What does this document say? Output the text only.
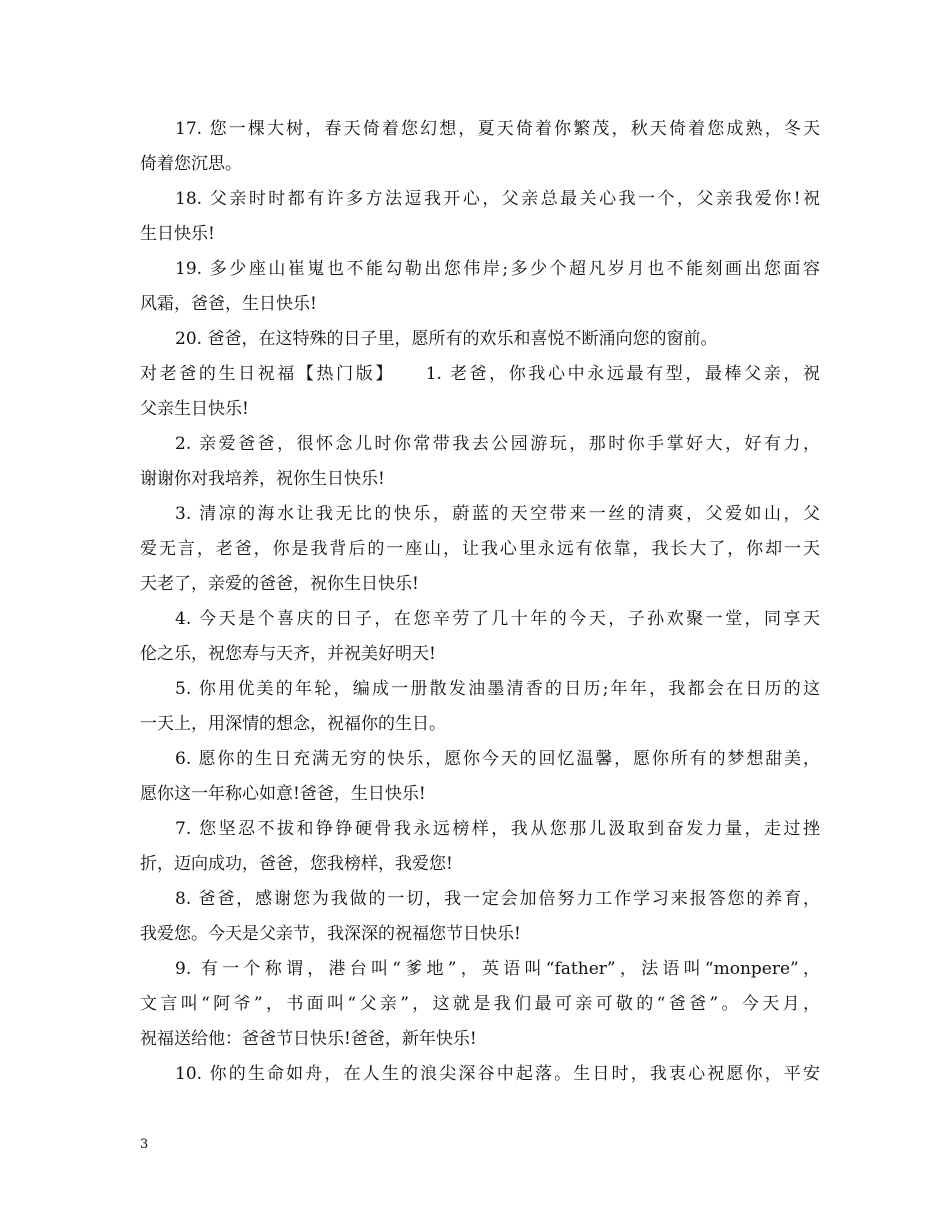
17. 您一棵大树，春天倚着您幻想，夏天倚着你繁茂，秋天倚着您成熟，冬天
倚着您沉思。
18. 父亲时时都有许多方法逗我开心，父亲总最关心我一个，父亲我爱你!祝
生日快乐!
19. 多少座山崔嵬也不能勾勒出您伟岸;多少个超凡岁月也不能刻画出您面容
风霜，爸爸，生日快乐!
20. 爸爸，在这特殊的日子里，愿所有的欢乐和喜悦不断涌向您的窗前。
对老爸的生日祝福【热门版】　　1. 老爸，你我心中永远最有型，最棒父亲，祝
父亲生日快乐!
2. 亲爱爸爸，很怀念儿时你常带我去公园游玩，那时你手掌好大，好有力，
谢谢你对我培养，祝你生日快乐!
3. 清凉的海水让我无比的快乐，蔚蓝的天空带来一丝的清爽，父爱如山，父
爱无言，老爸，你是我背后的一座山，让我心里永远有依靠，我长大了，你却一天
天老了，亲爱的爸爸，祝你生日快乐!
4. 今天是个喜庆的日子，在您辛劳了几十年的今天，子孙欢聚一堂，同享天
伦之乐，祝您寿与天齐，并祝美好明天!
5. 你用优美的年轮，编成一册散发油墨清香的日历;年年，我都会在日历的这
一天上，用深情的想念，祝福你的生日。
6. 愿你的生日充满无穷的快乐，愿你今天的回忆温馨，愿你所有的梦想甜美，
愿你这一年称心如意!爸爸，生日快乐!
7. 您坚忍不拔和铮铮硬骨我永远榜样，我从您那儿汲取到奋发力量，走过挫
折，迈向成功，爸爸，您我榜样，我爱您!
8. 爸爸，感谢您为我做的一切，我一定会加倍努力工作学习来报答您的养育，
我爱您。今天是父亲节，我深深的祝福您节日快乐!
9. 有一个称谓，港台叫“爹地”，英语叫“father”，法语叫“monpere”，
文言叫“阿爷”，书面叫“父亲”，这就是我们最可亲可敬的“爸爸”。今天月，
祝福送给他：爸爸节日快乐!爸爸，新年快乐!
10. 你的生命如舟，在人生的浪尖深谷中起落。生日时，我衷心祝愿你，平安
3
